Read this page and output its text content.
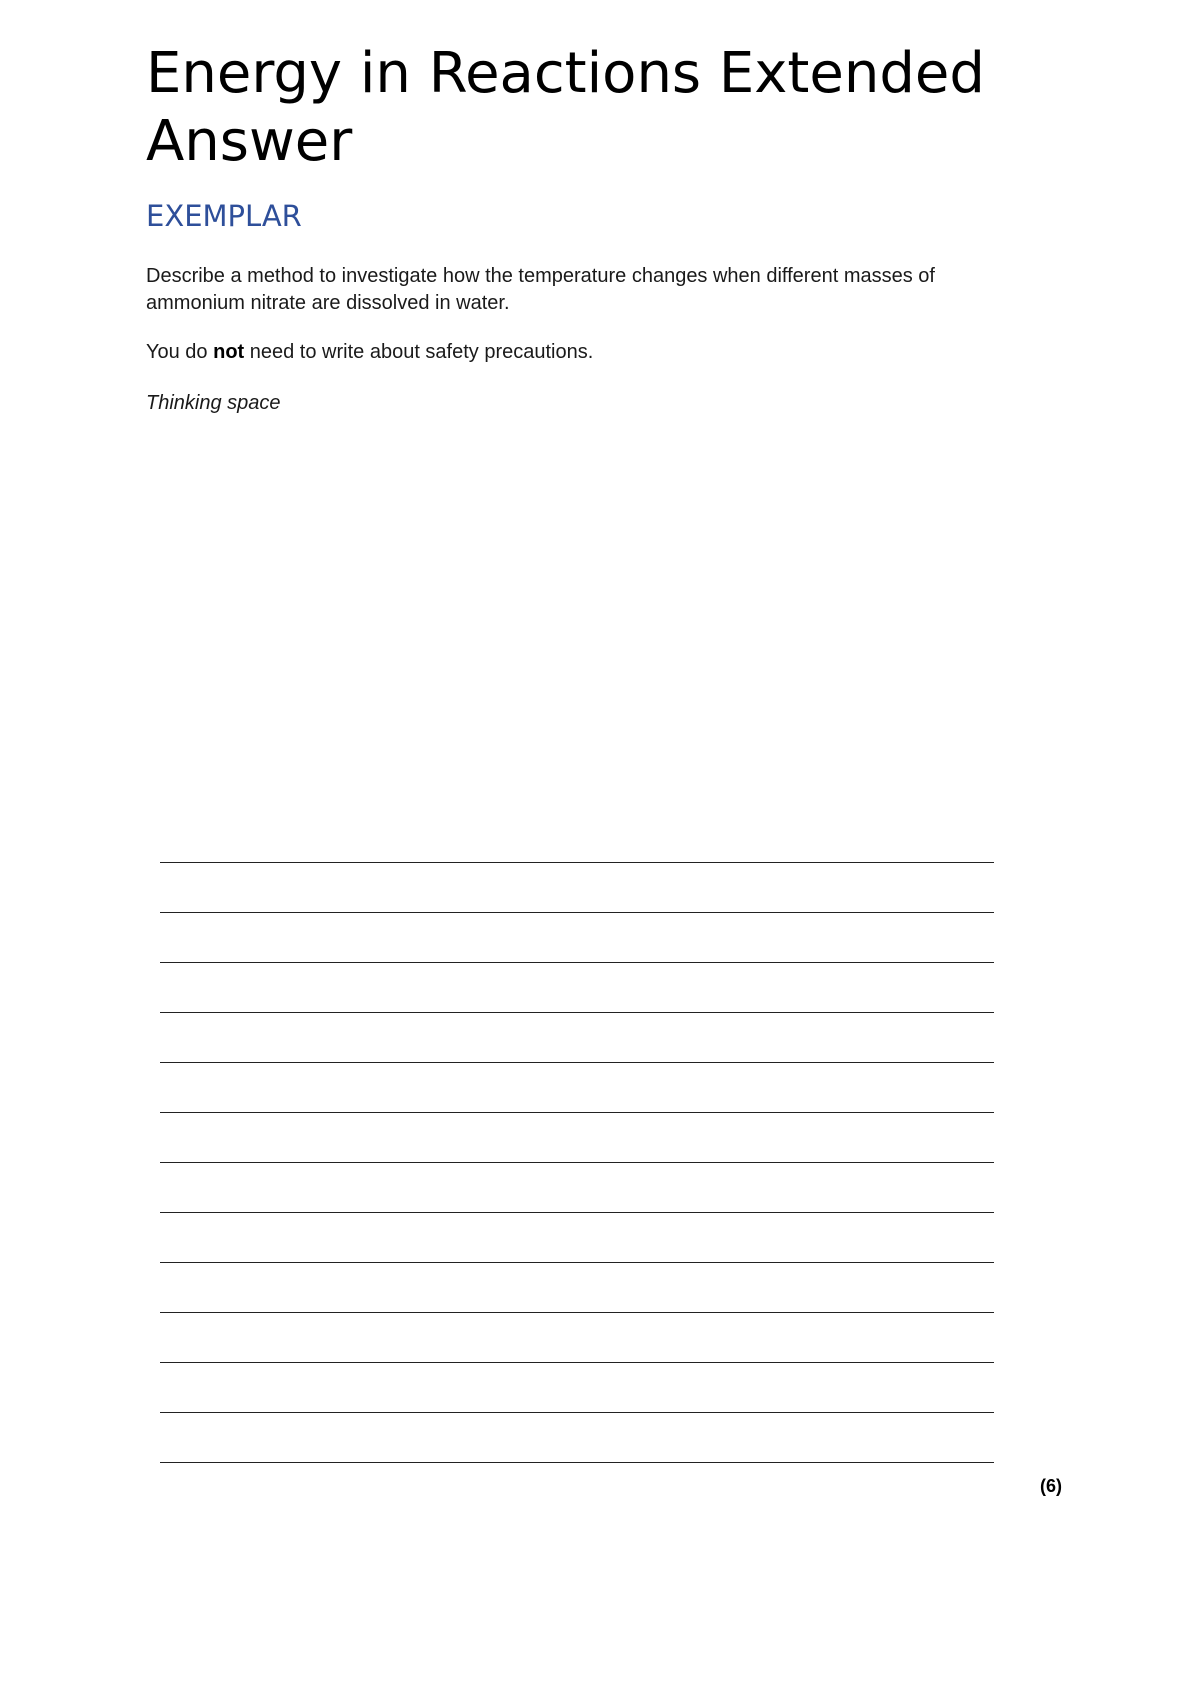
Energy in Reactions Extended Answer
EXEMPLAR

Describe a method to investigate how the temperature changes when different masses of ammonium nitrate are dissolved in water.

You do not need to write about safety precautions.

Thinking space

(6)
